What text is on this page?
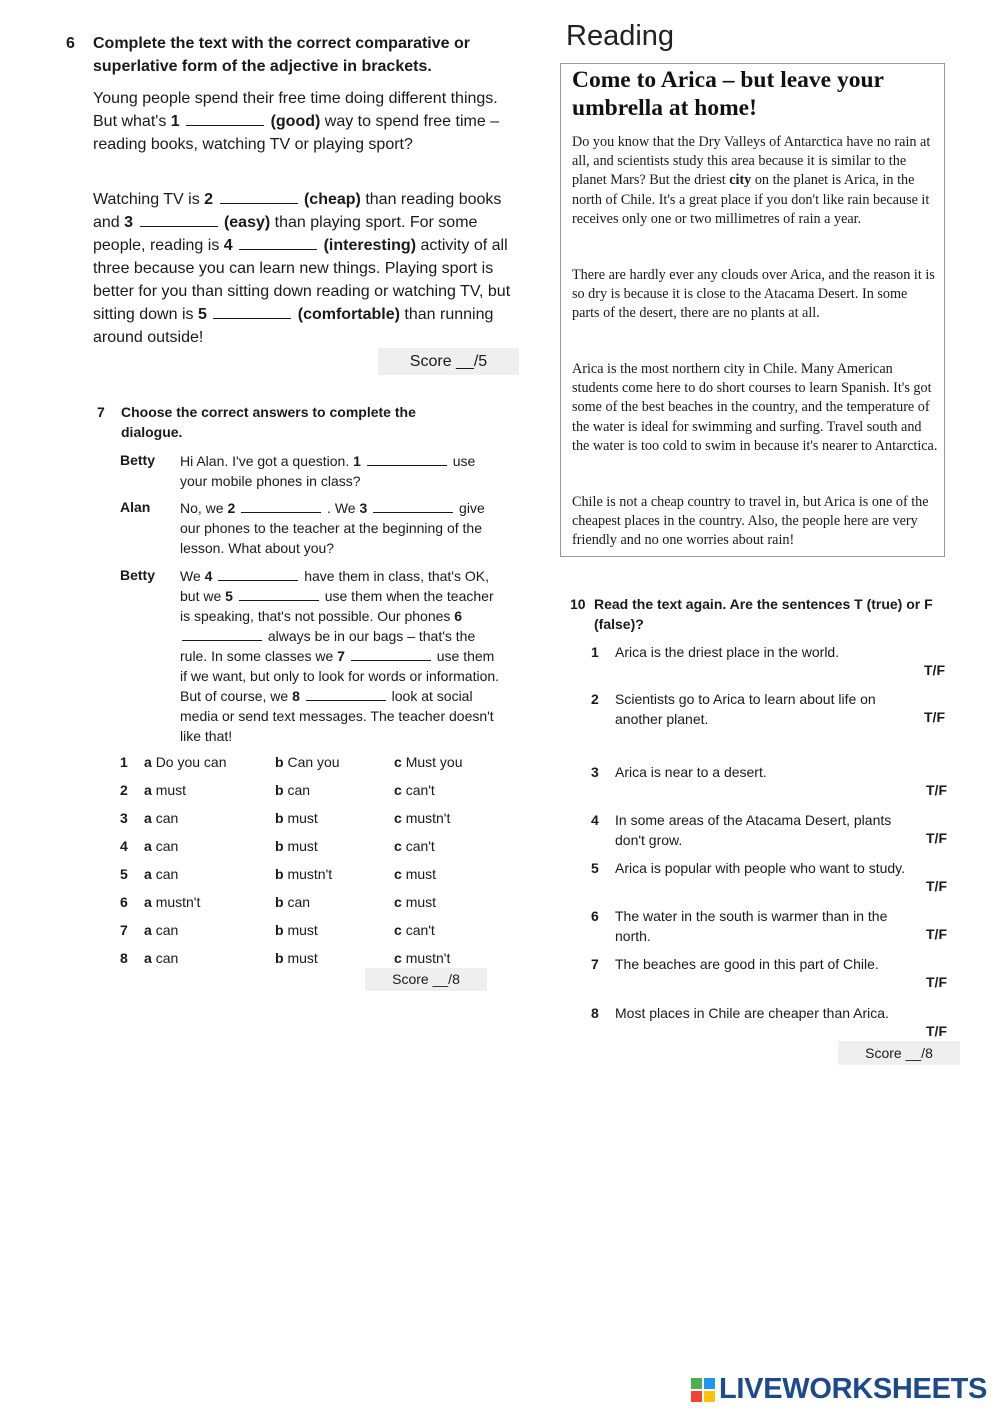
6 Complete the text with the correct comparative or superlative form of the adjective in brackets.
Young people spend their free time doing different things. But what's 1	(good) way to spend free time – reading books, watching TV or playing sport?
Watching TV is 2	(cheap) than reading books and 3	(easy) than playing sport. For some people, reading is 4	(interesting) activity of all three because you can learn new things. Playing sport is better for you than sitting down reading or watching TV, but sitting down is 5	(comfortable) than running around outside!
Score __/5
7 Choose the correct answers to complete the dialogue.
Betty Hi Alan. I've got a question. 1	use your mobile phones in class?
Alan No, we 2	. We 3	give our phones to the teacher at the beginning of the lesson. What about you?
Betty We 4	have them in class, that's OK, but we 5	use them when the teacher is speaking, that's not possible. Our phones 6  always be in our bags – that's the rule. In some classes we 7	use them if we want, but only to look for words or information. But of course, we 8	look at social media or send text messages. The teacher doesn't like that!
1 a Do you can	b Can you	c Must you
2 a must	b can	c can't
3 a can	b must	c mustn't
4 a can	b must	c can't
5 a can	b mustn't	c must
6 a mustn't	b can	c must
7 a can	b must	c can't
8 a can	b must	c mustn't
Score __/8
Reading
Come to Arica – but leave your umbrella at home!
Do you know that the Dry Valleys of Antarctica have no rain at all, and scientists study this area because it is similar to the planet Mars? But the driest city on the planet is Arica, in the north of Chile. It's a great place if you don't like rain because it receives only one or two millimetres of rain a year.
There are hardly ever any clouds over Arica, and the reason it is so dry is because it is close to the Atacama Desert. In some parts of the desert, there are no plants at all.
Arica is the most northern city in Chile. Many American students come here to do short courses to learn Spanish. It's got some of the best beaches in the country, and the temperature of the water is ideal for swimming and surfing. Travel south and the water is too cold to swim in because it's nearer to Antarctica.
Chile is not a cheap country to travel in, but Arica is one of the cheapest places in the country. Also, the people here are very friendly and no one worries about rain!
10 Read the text again. Are the sentences T (true) or F (false)?
1 Arica is the driest place in the world.
T/F
2 Scientists go to Arica to learn about life on another planet.	T/F
3 Arica is near to a desert.
T/F
4 In some areas of the Atacama Desert, plants don't grow.	T/F
5 Arica is popular with people who want to study.
T/F
6 The water in the south is warmer than in the north.	T/F
7 The beaches are good in this part of Chile.
T/F
8 Most places in Chile are cheaper than Arica.
T/F
Score __/8
LIVEWORKSHEETS
